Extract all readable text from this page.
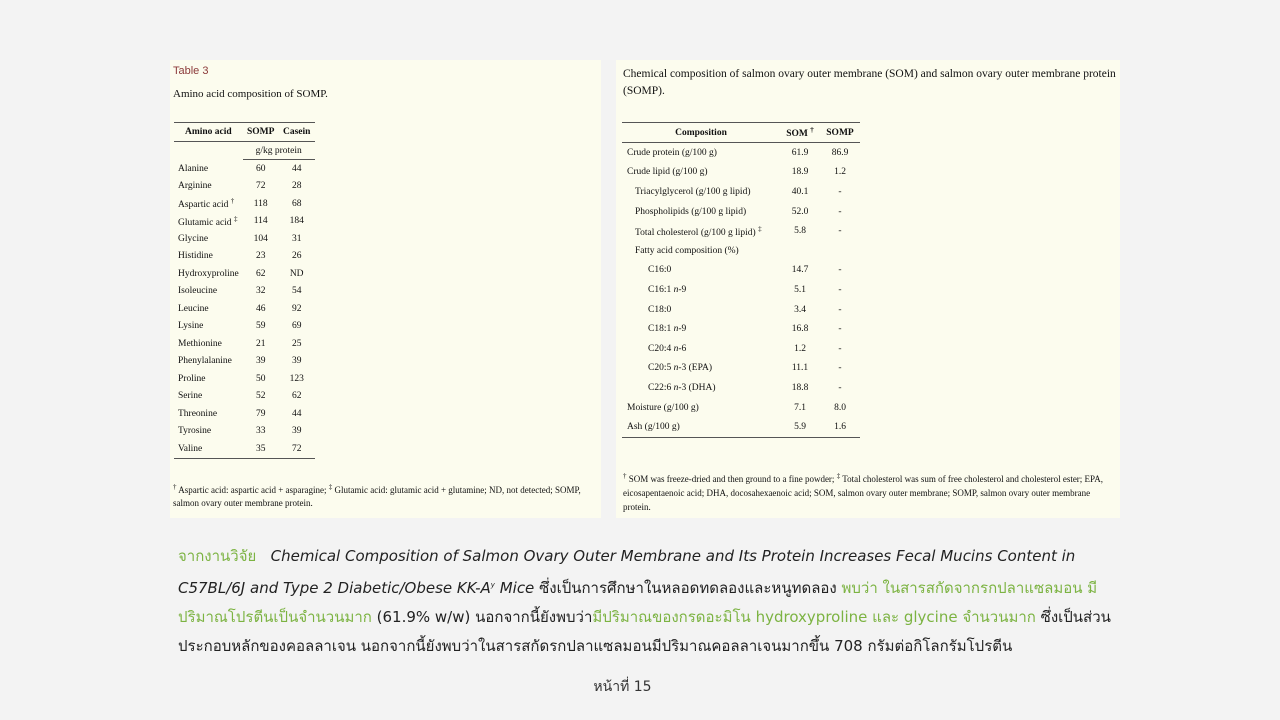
Table 3
Amino acid composition of SOMP.
Amino acid	SOMP	Casein
	g/kg protein	
Alanine	60	44
Arginine	72	28
Aspartic acid †	118	68
Glutamic acid ‡	114	184
Glycine	104	31
Histidine	23	26
Hydroxyproline	62	ND
Isoleucine	32	54
Leucine	46	92
Lysine	59	69
Methionine	21	25
Phenylalanine	39	39
Proline	50	123
Serine	52	62
Threonine	79	44
Tyrosine	33	39
Valine	35	72
† Aspartic acid: aspartic acid + asparagine; ‡ Glutamic acid: glutamic acid + glutamine; ND, not detected; SOMP, salmon ovary outer membrane protein.
Chemical composition of salmon ovary outer membrane (SOM) and salmon ovary outer membrane protein (SOMP).
Composition	SOM †	SOMP
Crude protein (g/100 g)	61.9	86.9
Crude lipid (g/100 g)	18.9	1.2
Triacylglycerol (g/100 g lipid)	40.1	-
Phospholipids (g/100 g lipid)	52.0	-
Total cholesterol (g/100 g lipid) ‡	5.8	-
Fatty acid composition (%)		
C16:0	14.7	-
C16:1 n-9	5.1	-
C18:0	3.4	-
C18:1 n-9	16.8	-
C20:4 n-6	1.2	-
C20:5 n-3 (EPA)	11.1	-
C22:6 n-3 (DHA)	18.8	-
Moisture (g/100 g)	7.1	8.0
Ash (g/100 g)	5.9	1.6
† SOM was freeze-dried and then ground to a fine powder; ‡ Total cholesterol was sum of free cholesterol and cholesterol ester; EPA, eicosapentaenoic acid; DHA, docosahexaenoic acid; SOM, salmon ovary outer membrane; SOMP, salmon ovary outer membrane protein.
จากงานวิจัย Chemical Composition of Salmon Ovary Outer Membrane and Its Protein Increases Fecal Mucins Content in C57BL/6J and Type 2 Diabetic/Obese $KK-A^y$ Mice ซึ่งเป็นการศึกษาในหลอดทดลองและหนูทดลอง พบว่า ในสารสกัดจากรกปลาแซลมอน มีปริมาณโปรตีนเป็นจำนวนมาก (61.9% w/w) นอกจากนี้ยังพบว่ามีปริมาณของกรดอะมิโน hydroxyproline และ glycine จำนวนมาก ซึ่งเป็นส่วนประกอบหลักของคอลลาเจน นอกจากนี้ยังพบว่าในสารสกัดรกปลาแซลมอนมีปริมาณคอลลาเจนมากขึ้น 708 กรัมต่อกิโลกรัมโปรตีน
หน้าที่ 15
